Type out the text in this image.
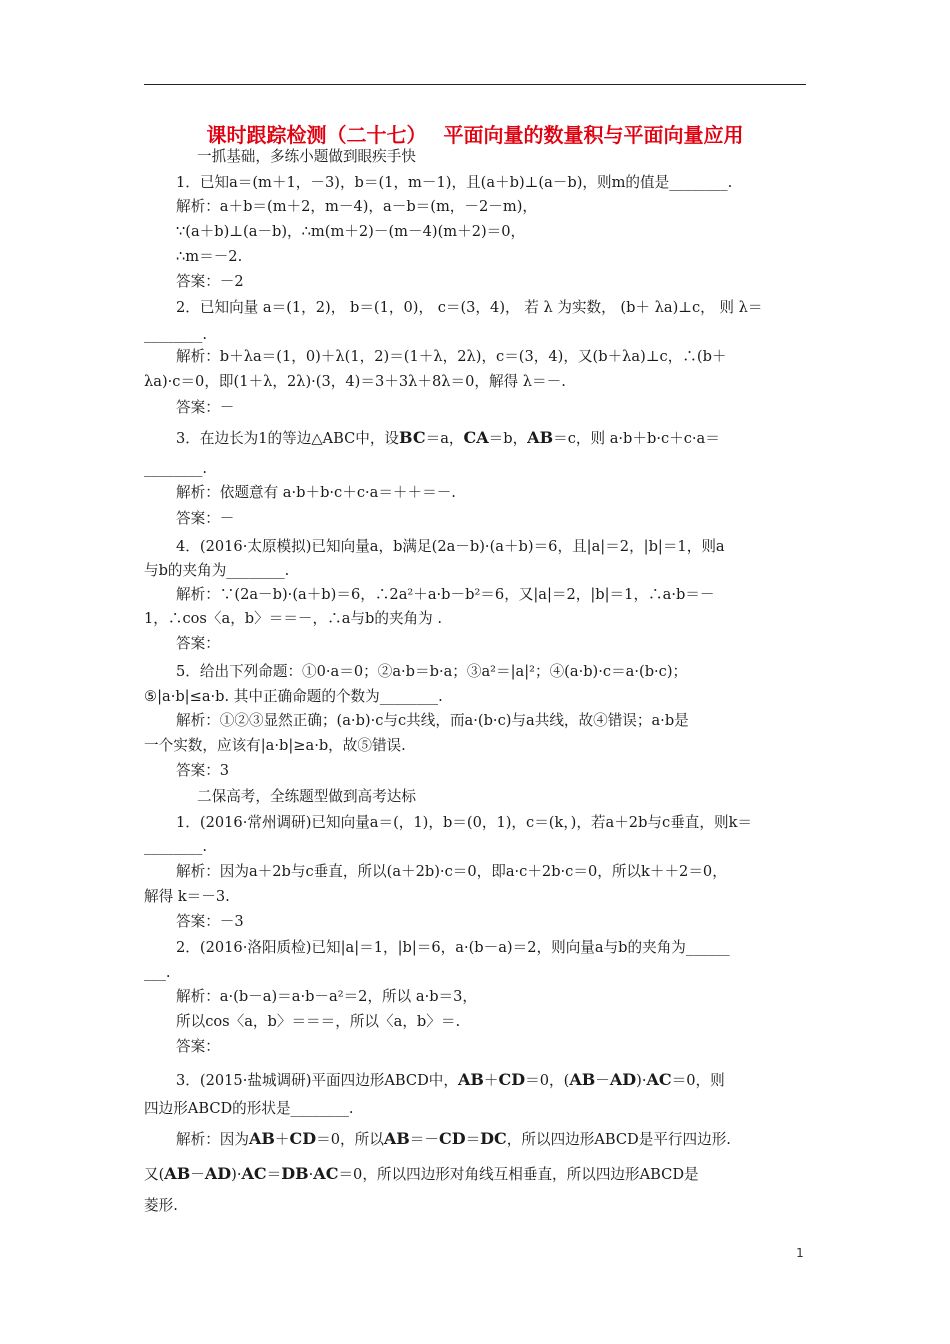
课时跟踪检测（二十七）　 平面向量的数量积与平面向量应用
一抓基础，多练小题做到眼疾手快
1．已知a＝(m＋1，－3)，b＝(1，m－1)，且(a＋b)⊥(a－b)，则m的值是________.
解析：a＋b＝(m＋2，m－4)，a－b＝(m，－2－m)，
∵(a＋b)⊥(a－b)，∴m(m＋2)－(m－4)(m＋2)＝0，
∴m＝－2.
答案：－2
2．已知向量 a＝(1，2)， b＝(1，0)， c＝(3，4)， 若 λ 为实数， (b＋ λa)⊥c， 则 λ＝
________.
解析：b＋λa＝(1，0)＋λ(1，2)＝(1＋λ，2λ)，c＝(3，4)，又(b＋λa)⊥c，∴(b＋
λa)·c＝0，即(1＋λ，2λ)·(3，4)＝3＋3λ＋8λ＝0，解得 λ＝－.
答案：－
3．在边长为1的等边△ABC中，设BC＝a，CA＝b，AB＝c，则 a·b＋b·c＋c·a＝
________.
解析：依题意有 a·b＋b·c＋c·a＝＋＋＝－.
答案：－
4．(2016·太原模拟)已知向量a，b满足(2a－b)·(a＋b)＝6，且|a|＝2，|b|＝1，则a
与b的夹角为________.
解析：∵(2a－b)·(a＋b)＝6，∴2a²＋a·b－b²＝6，又|a|＝2，|b|＝1，∴a·b＝－
1，∴cos〈a，b〉＝＝－，∴a与b的夹角为 .
答案：
5．给出下列命题：①0·a＝0；②a·b＝b·a；③a²＝|a|²；④(a·b)·c＝a·(b·c)；
⑤|a·b|≤a·b. 其中正确命题的个数为________.
解析：①②③显然正确；(a·b)·c与c共线，而a·(b·c)与a共线，故④错误；a·b是
一个实数，应该有|a·b|≥a·b，故⑤错误.
答案：3
二保高考，全练题型做到高考达标
1．(2016·常州调研)已知向量a＝(，1)，b＝(0，1)，c＝(k，)，若a＋2b与c垂直，则k＝
________.
解析：因为a＋2b与c垂直，所以(a＋2b)·c＝0，即a·c＋2b·c＝0，所以k＋＋2＝0，
解得 k＝－3.
答案：－3
2．(2016·洛阳质检)已知|a|＝1，|b|＝6，a·(b－a)＝2，则向量a与b的夹角为______
___.
解析：a·(b－a)＝a·b－a²＝2，所以 a·b＝3，
所以cos〈a，b〉＝＝＝，所以〈a，b〉＝.
答案：
3．(2015·盐城调研)平面四边形ABCD中，AB＋CD＝0，(AB－AD)·AC＝0，则
四边形ABCD的形状是________.
解析：因为AB＋CD＝0，所以AB＝－CD＝DC，所以四边形ABCD是平行四边形.
又(AB－AD)·AC＝DB·AC＝0，所以四边形对角线互相垂直，所以四边形ABCD是
菱形.
1
